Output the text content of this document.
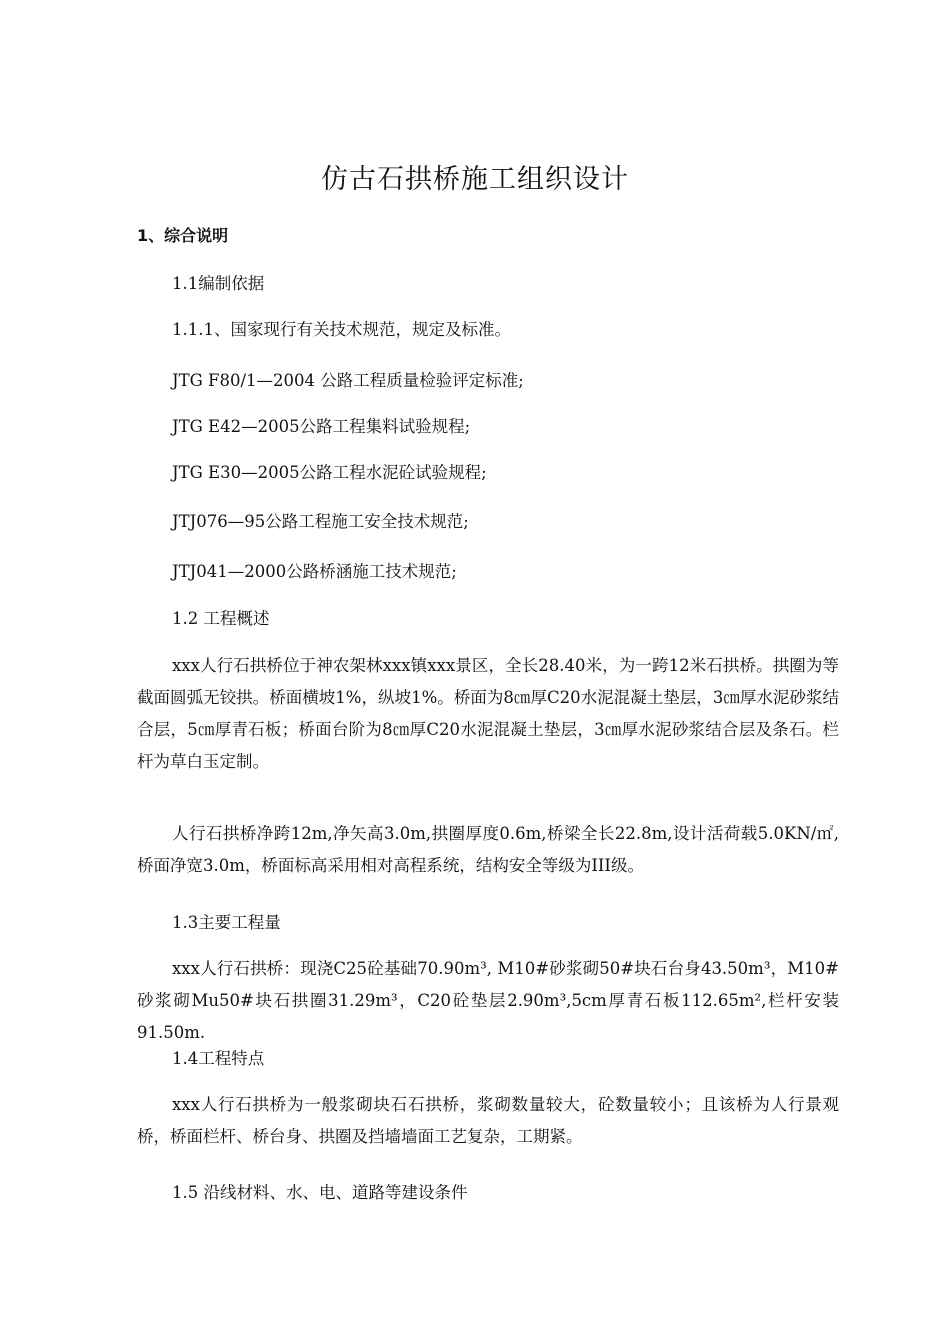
仿古石拱桥施工组织设计
1、综合说明
1.1编制依据
1.1.1、国家现行有关技术规范，规定及标准。
JTG F80/1—2004 公路工程质量检验评定标准;
JTG E42—2005公路工程集料试验规程;
JTG E30—2005公路工程水泥砼试验规程;
JTJ076—95公路工程施工安全技术规范;
JTJ041—2000公路桥涵施工技术规范;
1.2 工程概述
xxx人行石拱桥位于神农架林xxx镇xxx景区，全长28.40米，为一跨12米石拱桥。拱圈为等截面圆弧无铰拱。桥面横坡1%，纵坡1%。桥面为8㎝厚C20水泥混凝土垫层，3㎝厚水泥砂浆结合层，5㎝厚青石板；桥面台阶为8㎝厚C20水泥混凝土垫层，3㎝厚水泥砂浆结合层及条石。栏杆为草白玉定制。
人行石拱桥净跨12m,净矢高3.0m,拱圈厚度0.6m,桥梁全长22.8m,设计活荷载5.0KN/㎡,桥面净宽3.0m，桥面标高采用相对高程系统，结构安全等级为III级。
1.3主要工程量
xxx人行石拱桥：现浇C25砼基础70.90m³, M10#砂浆砌50#块石台身43.50m³，M10#砂浆砌Mu50#块石拱圈31.29m³，C20砼垫层2.90m³,5cm厚青石板112.65m²,栏杆安装91.50m.
1.4工程特点
xxx人行石拱桥为一般浆砌块石石拱桥，浆砌数量较大，砼数量较小；且该桥为人行景观桥，桥面栏杆、桥台身、拱圈及挡墙墙面工艺复杂，工期紧。
1.5 沿线材料、水、电、道路等建设条件
